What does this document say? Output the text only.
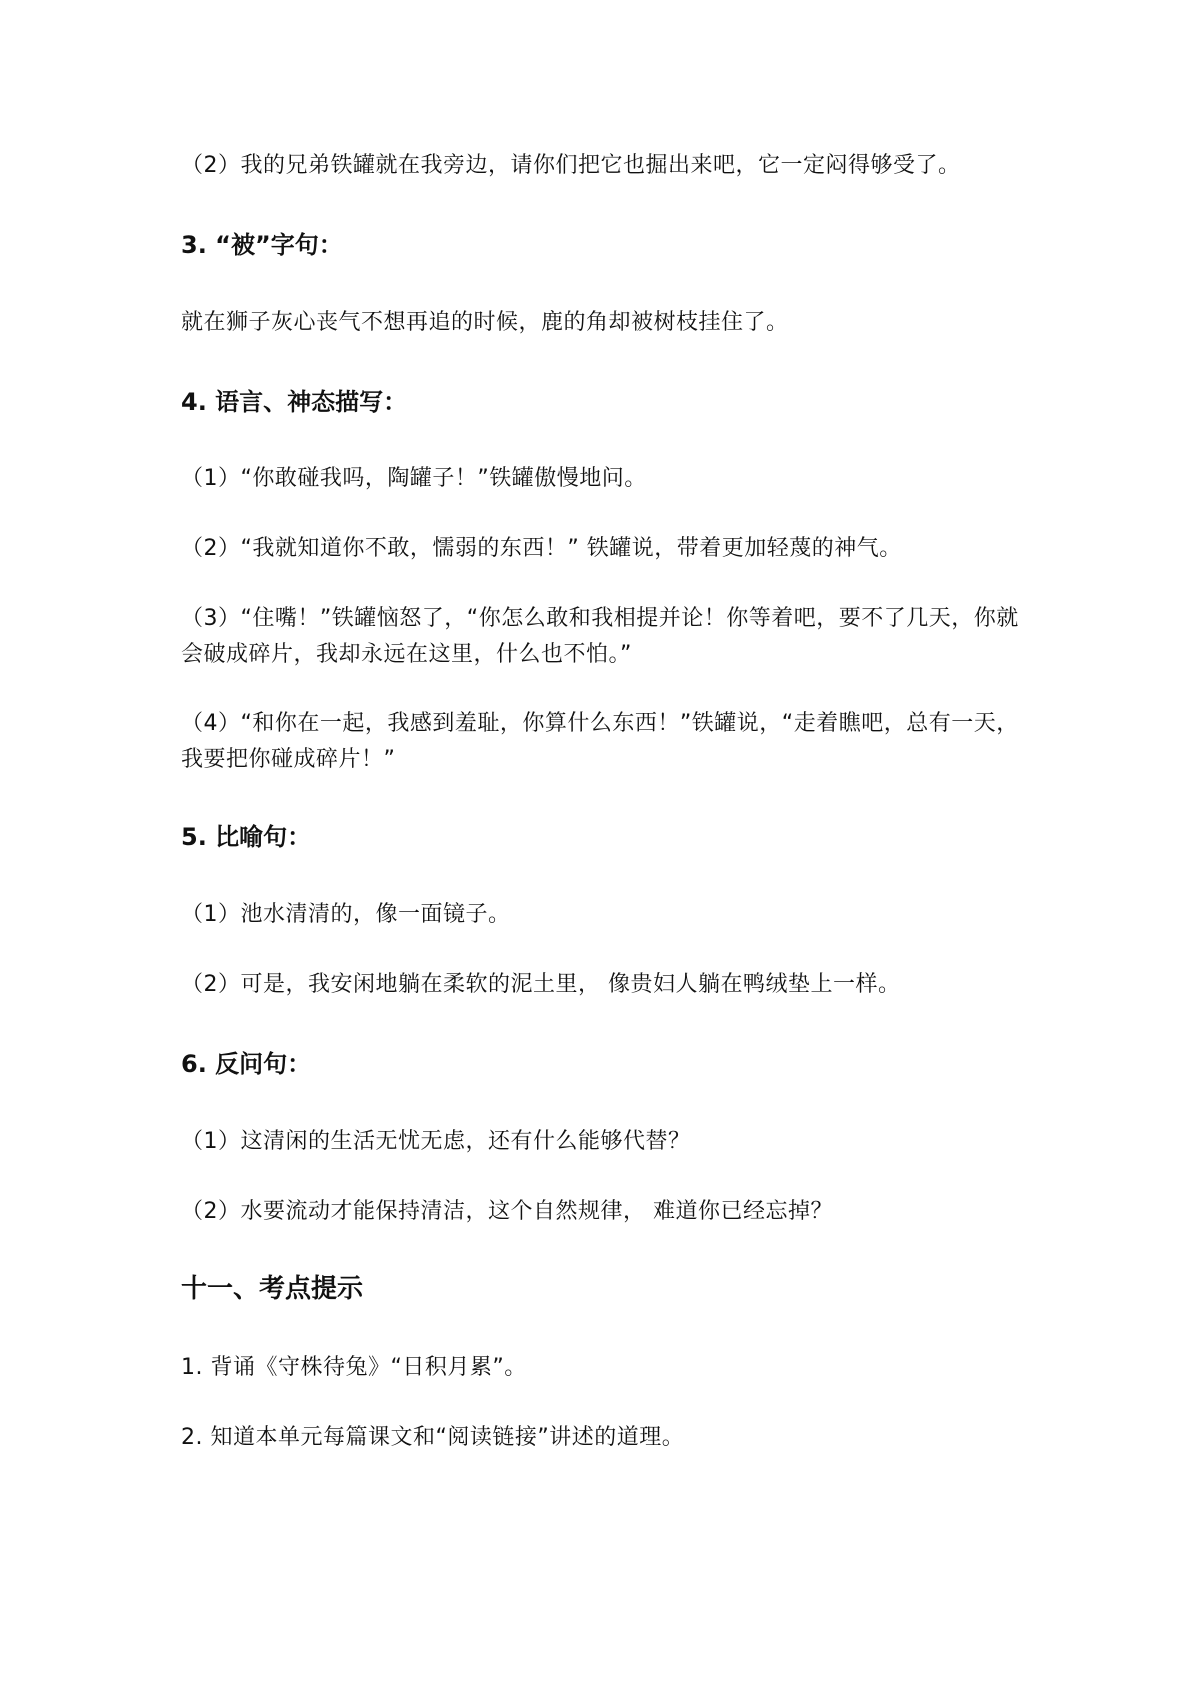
（2）我的兄弟铁罐就在我旁边，请你们把它也掘出来吧，它一定闷得够受了。
3. “被”字句：
就在狮子灰心丧气不想再追的时候，鹿的角却被树枝挂住了。
4. 语言、神态描写：
（1）“你敢碰我吗，陶罐子！”铁罐傲慢地问。
（2）“我就知道你不敢，懦弱的东西！” 铁罐说，带着更加轻蔑的神气。
（3）“住嘴！”铁罐恼怒了，“你怎么敢和我相提并论！你等着吧，要不了几天，你就会破成碎片，我却永远在这里，什么也不怕。”
（4）“和你在一起，我感到羞耻，你算什么东西！”铁罐说，“走着瞧吧，总有一天， 我要把你碰成碎片！”
5. 比喻句：
（1）池水清清的，像一面镜子。
（2）可是，我安闲地躺在柔软的泥土里， 像贵妇人躺在鸭绒垫上一样。
6. 反问句：
（1）这清闲的生活无忧无虑，还有什么能够代替？
（2）水要流动才能保持清洁，这个自然规律， 难道你已经忘掉？
十一、考点提示
1. 背诵《守株待兔》“日积月累”。
2. 知道本单元每篇课文和“阅读链接”讲述的道理。
